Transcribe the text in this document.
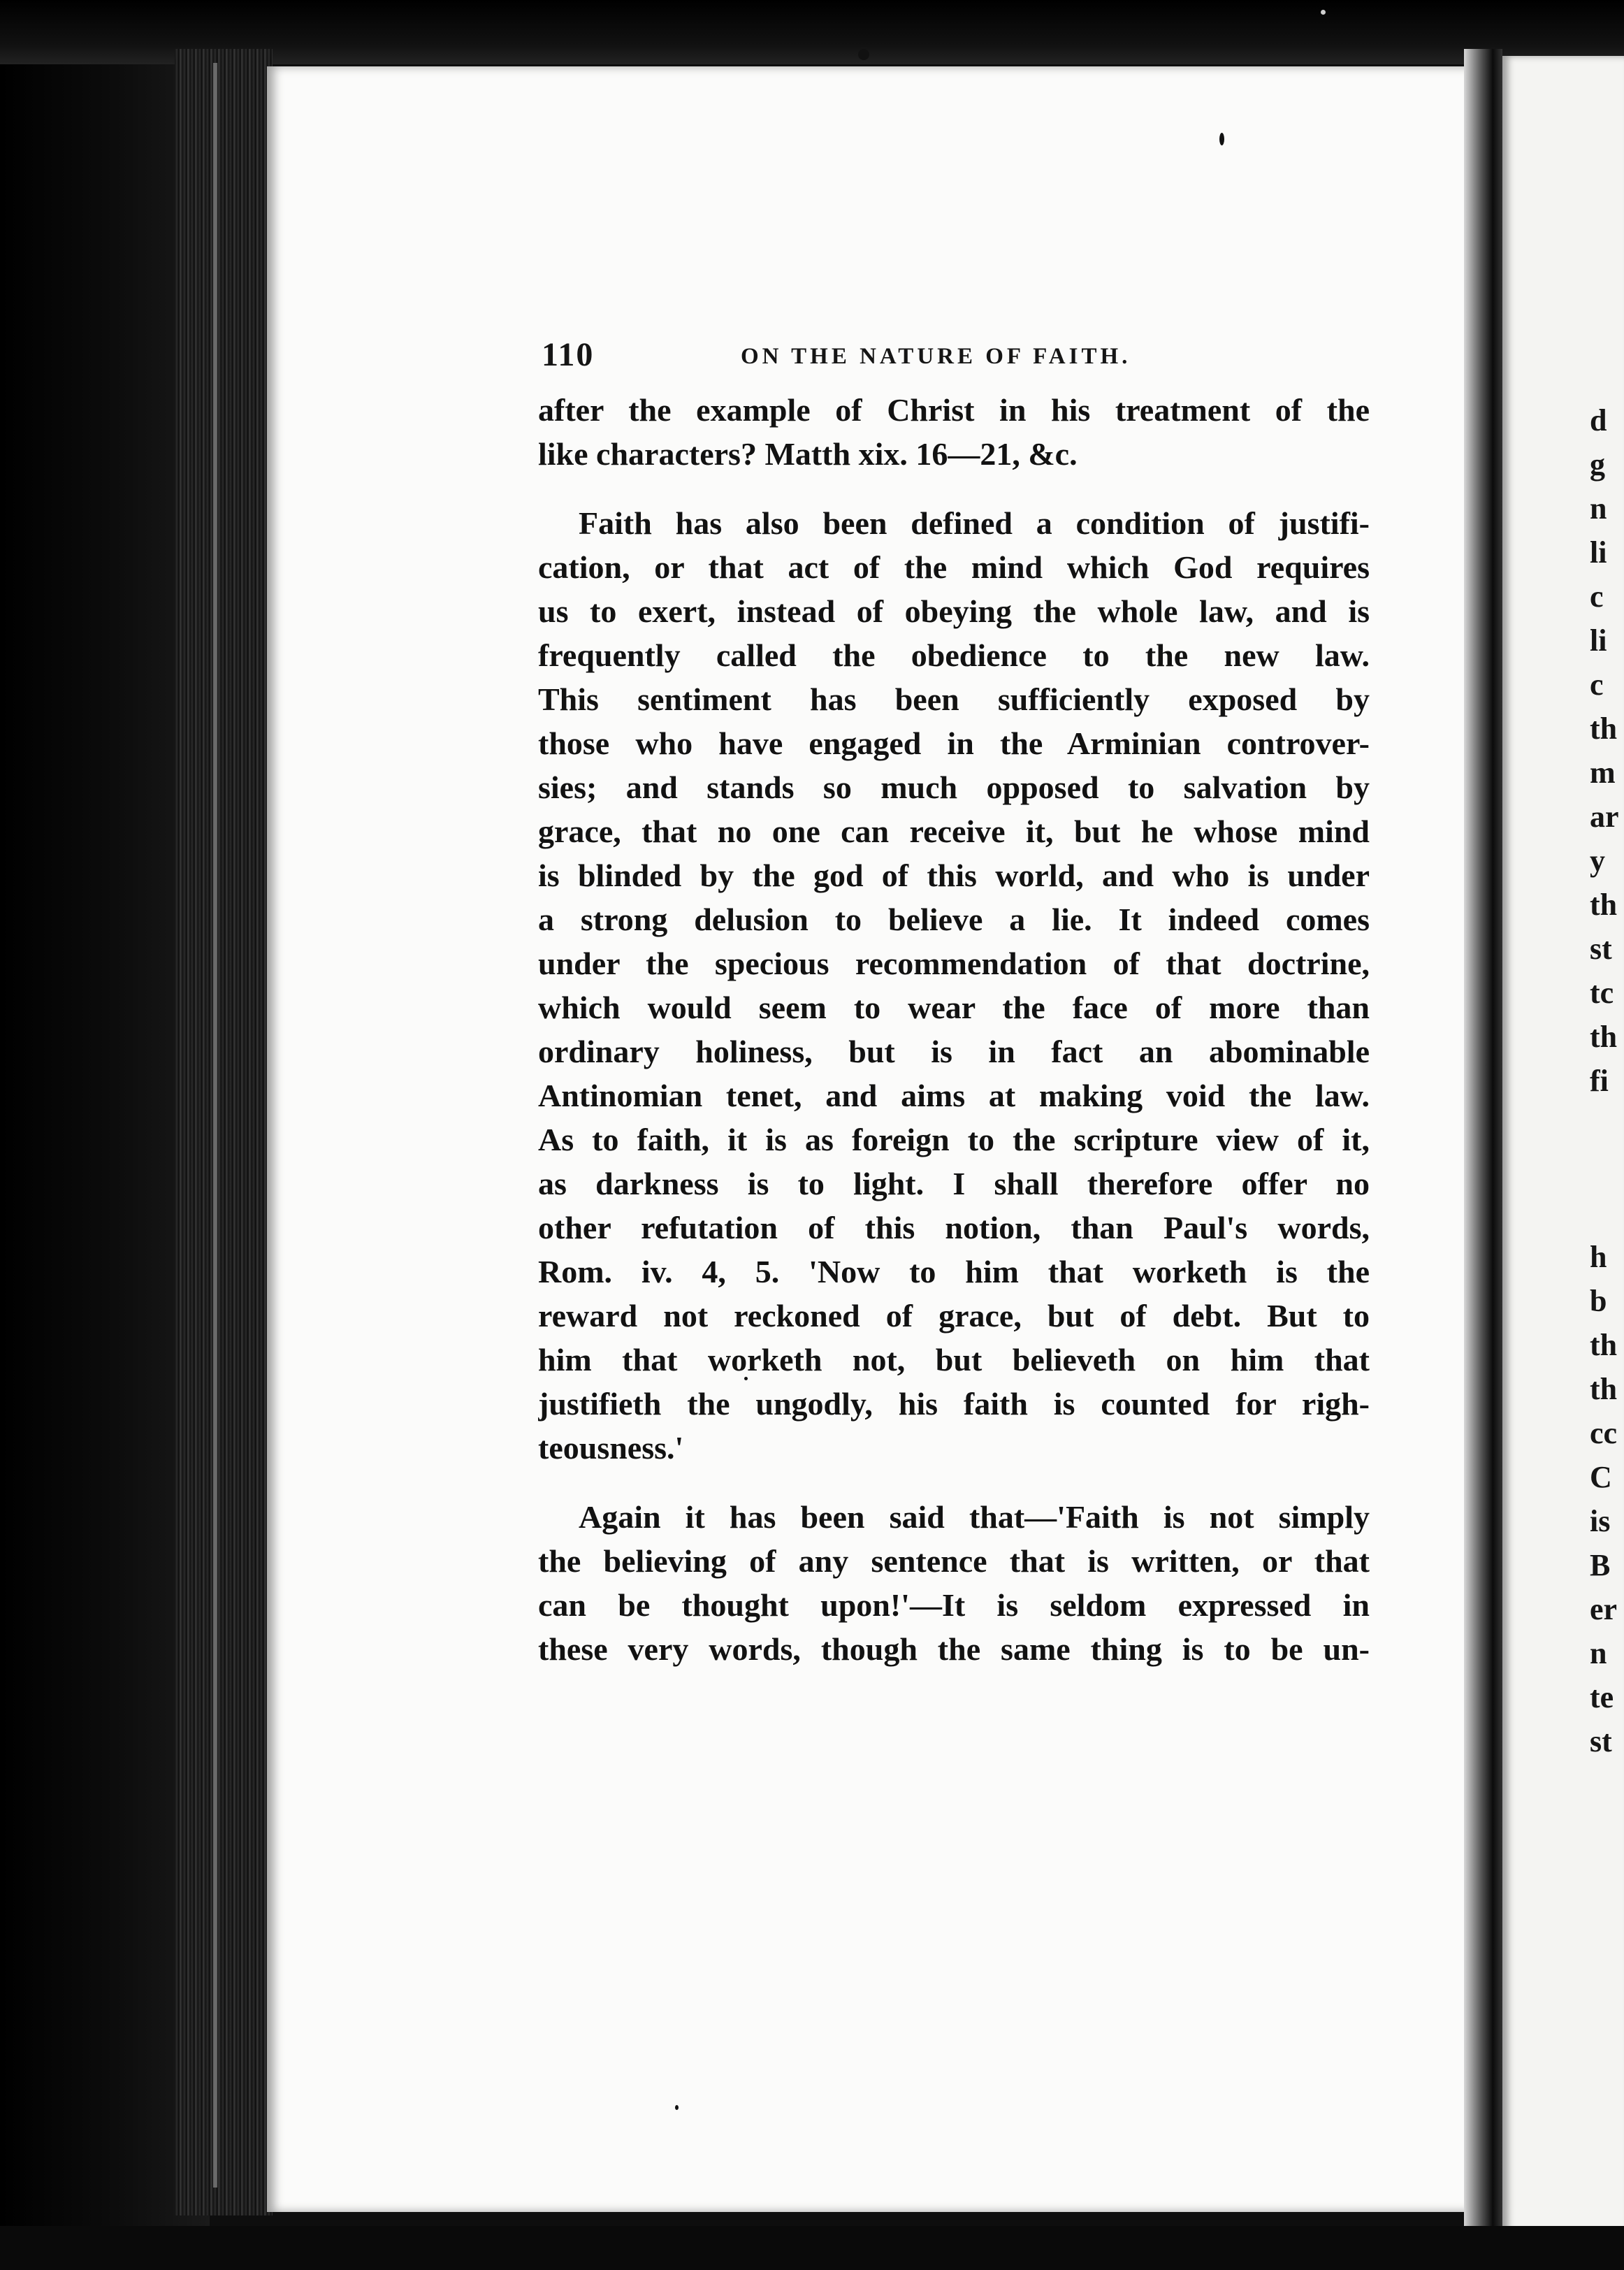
110	ON THE NATURE OF FAITH.
after the example of Christ in his treatment of the
like characters? Matth xix. 16—21, &c.
Faith has also been defined a condition of justifi-
cation, or that act of the mind which God requires
us to exert, instead of obeying the whole law, and is
frequently called the obedience to the new law.
This sentiment has been sufficiently exposed by
those who have engaged in the Arminian controver-
sies; and stands so much opposed to salvation by
grace, that no one can receive it, but he whose mind
is blinded by the god of this world, and who is under
a strong delusion to believe a lie. It indeed comes
under the specious recommendation of that doctrine,
which would seem to wear the face of more than
ordinary holiness, but is in fact an abominable
Antinomian tenet, and aims at making void the law.
As to faith, it is as foreign to the scripture view of it,
as darkness is to light. I shall therefore offer no
other refutation of this notion, than Paul's words,
Rom. iv. 4, 5. 'Now to him that worketh is the
reward not reckoned of grace, but of debt. But to
him that worketh not, but believeth on him that
justifieth the ungodly, his faith is counted for righ-
teousness.'
Again it has been said that—'Faith is not simply
the believing of any sentence that is written, or that
can be thought upon!'—It is seldom expressed in
these very words, though the same thing is to be un-
d
g
n
li
c
li
c
th
m
ar
y
th
st
tc
th
fi
h
b
th
th
cc
C
is
B
er
n
te
st
